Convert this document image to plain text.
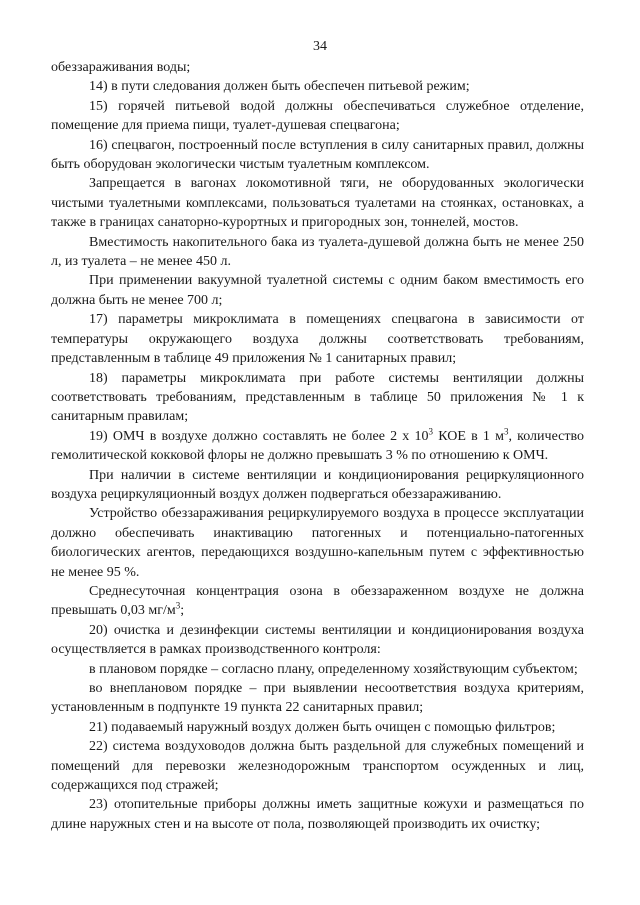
34

обеззараживания воды;

14) в пути следования должен быть обеспечен питьевой режим;

15) горячей питьевой водой должны обеспечиваться служебное отделение, помещение для приема пищи, туалет-душевая спецвагона;

16) спецвагон, построенный после вступления в силу санитарных правил, должны быть оборудован экологически чистым туалетным комплексом.

Запрещается в вагонах локомотивной тяги, не оборудованных экологически чистыми туалетными комплексами, пользоваться туалетами на стоянках, остановках, а также в границах санаторно-курортных и пригородных зон, тоннелей, мостов.

Вместимость накопительного бака из туалета-душевой должна быть не менее 250 л, из туалета – не менее 450 л.

При применении вакуумной туалетной системы с одним баком вместимость его должна быть не менее 700 л;

17) параметры микроклимата в помещениях спецвагона в зависимости от температуры окружающего воздуха должны соответствовать требованиям, представленным в таблице 49 приложения № 1 санитарных правил;

18) параметры микроклимата при работе системы вентиляции должны соответствовать требованиям, представленным в таблице 50 приложения № 1 к санитарным правилам;

19) ОМЧ в воздухе должно составлять не более 2 х $10^3$ КОЕ в 1 $м^3$, количество гемолитической кокковой флоры не должно превышать 3 % по отношению к ОМЧ.

При наличии в системе вентиляции и кондиционирования рециркуляционного воздуха рециркуляционный воздух должен подвергаться обеззараживанию.

Устройство обеззараживания рециркулируемого воздуха в процессе эксплуатации должно обеспечивать инактивацию патогенных и потенциально-патогенных биологических агентов, передающихся воздушно-капельным путем с эффективностью не менее 95 %.

Среднесуточная концентрация озона в обеззараженном воздухе не должна превышать 0,03 $мг/м^3$;

20) очистка и дезинфекции системы вентиляции и кондиционирования воздуха осуществляется в рамках производственного контроля:

в плановом порядке – согласно плану, определенному хозяйствующим субъектом;

во внеплановом порядке – при выявлении несоответствия воздуха критериям, установленным в подпункте 19 пункта 22 санитарных правил;

21) подаваемый наружный воздух должен быть очищен с помощью фильтров;

22) система воздуховодов должна быть раздельной для служебных помещений и помещений для перевозки железнодорожным транспортом осужденных и лиц, содержащихся под стражей;

23) отопительные приборы должны иметь защитные кожухи и размещаться по длине наружных стен и на высоте от пола, позволяющей производить их очистку;
